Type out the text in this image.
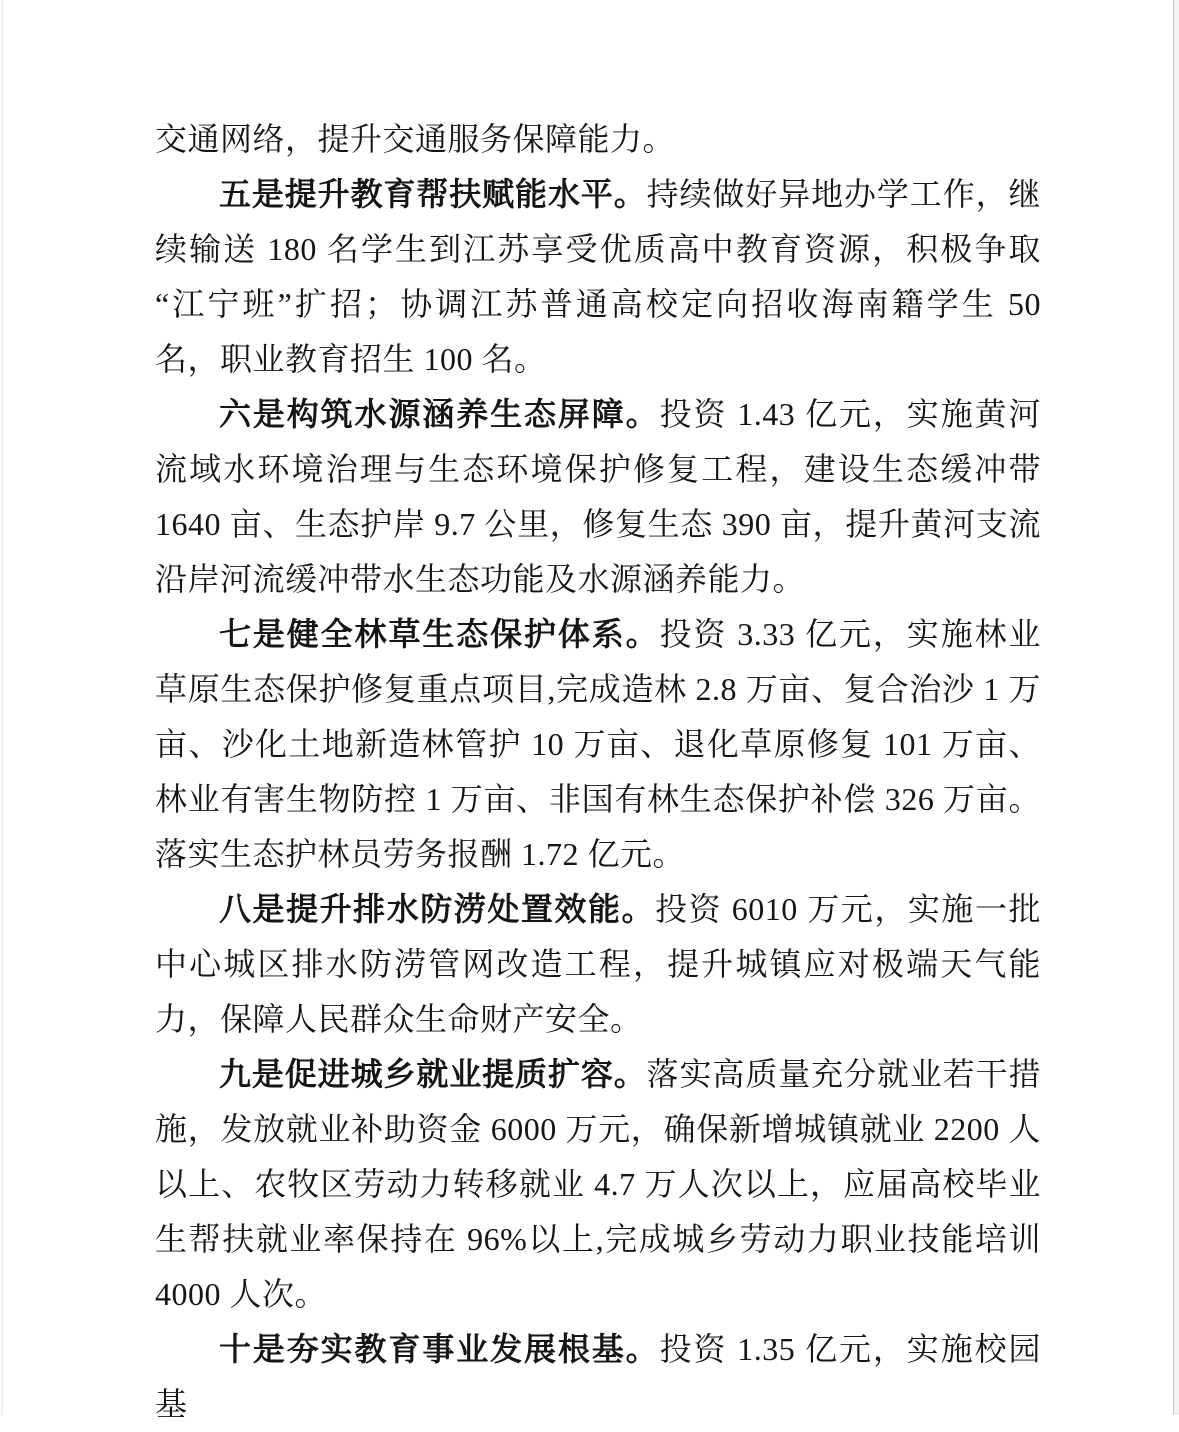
交通网络，提升交通服务保障能力。

五是提升教育帮扶赋能水平。持续做好异地办学工作，继续输送 180 名学生到江苏享受优质高中教育资源，积极争取“江宁班”扩招；协调江苏普通高校定向招收海南籍学生 50 名，职业教育招生 100 名。

六是构筑水源涵养生态屏障。投资 1.43 亿元，实施黄河流域水环境治理与生态环境保护修复工程，建设生态缓冲带 1640 亩、生态护岸 9.7 公里，修复生态 390 亩，提升黄河支流沿岸河流缓冲带水生态功能及水源涵养能力。

七是健全林草生态保护体系。投资 3.33 亿元，实施林业草原生态保护修复重点项目,完成造林 2.8 万亩、复合治沙 1 万亩、沙化土地新造林管护 10 万亩、退化草原修复 101 万亩、林业有害生物防控 1 万亩、非国有林生态保护补偿 326 万亩。落实生态护林员劳务报酬 1.72 亿元。

八是提升排水防涝处置效能。投资 6010 万元，实施一批中心城区排水防涝管网改造工程，提升城镇应对极端天气能力，保障人民群众生命财产安全。

九是促进城乡就业提质扩容。落实高质量充分就业若干措施，发放就业补助资金 6000 万元，确保新增城镇就业 2200 人以上、农牧区劳动力转移就业 4.7 万人次以上，应届高校毕业生帮扶就业率保持在 96%以上,完成城乡劳动力职业技能培训 4000 人次。

十是夯实教育事业发展根基。投资 1.35 亿元，实施校园基
